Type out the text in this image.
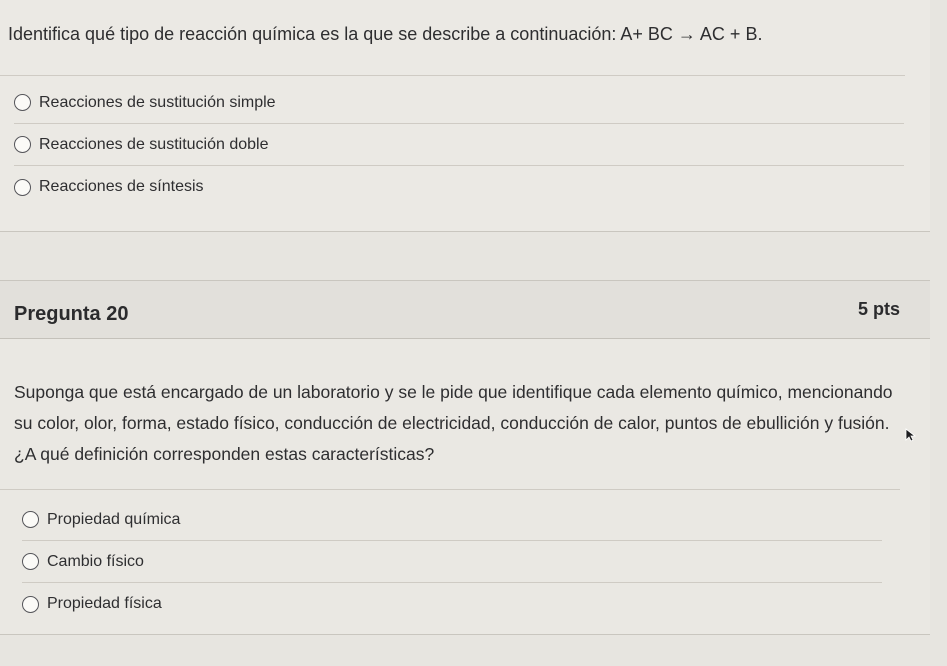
Identifica qué tipo de reacción química es la que se describe a continuación: A+ BC → AC + B.
Reacciones de sustitución simple
Reacciones de sustitución doble
Reacciones de síntesis
Pregunta 20	5 pts
Suponga que está encargado de un laboratorio y se le pide que identifique cada elemento químico, mencionando su color, olor, forma, estado físico, conducción de electricidad, conducción de calor, puntos de ebullición y fusión. ¿A qué definición corresponden estas características?
Propiedad química
Cambio físico
Propiedad física
